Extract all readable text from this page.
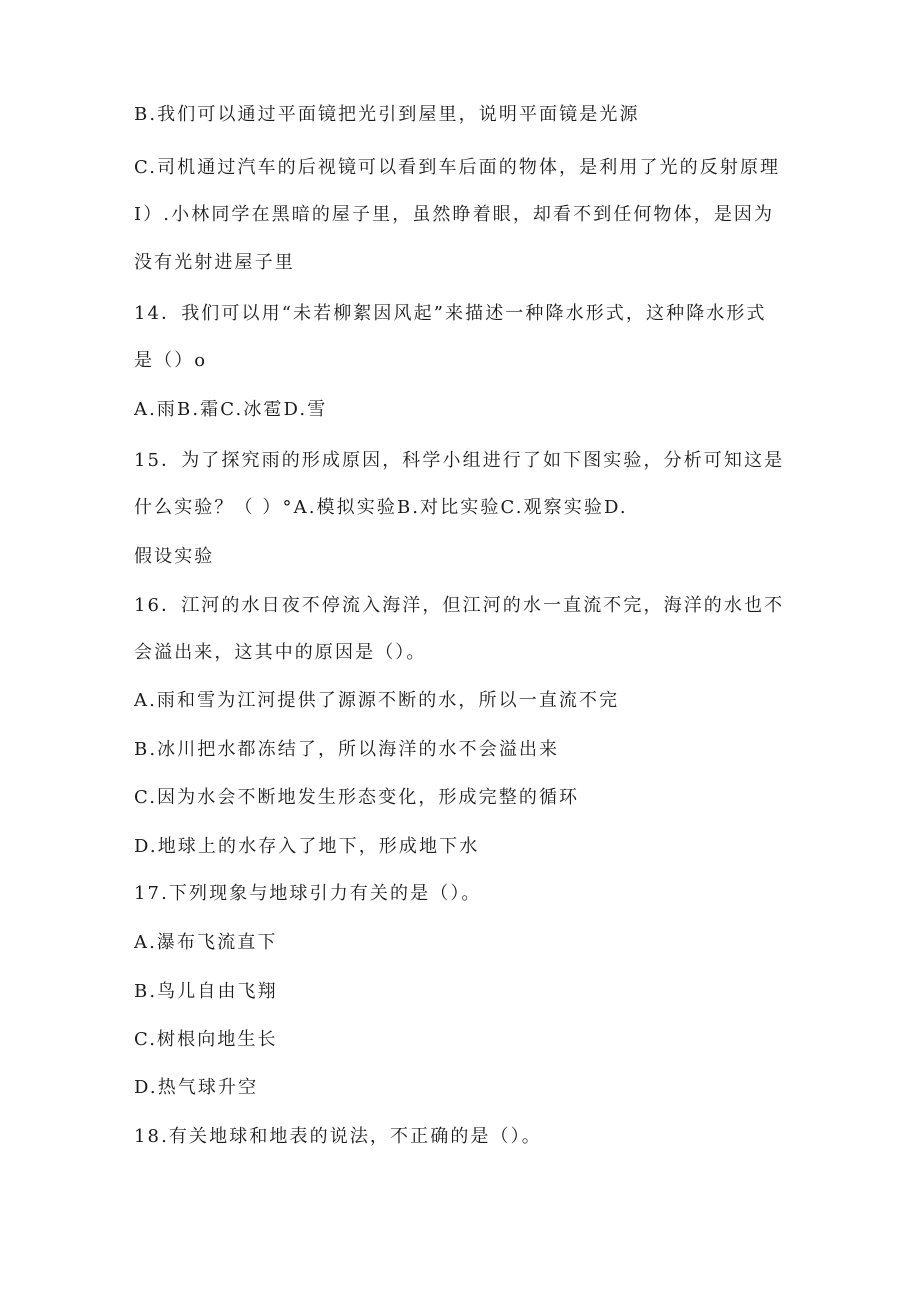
B.我们可以通过平面镜把光引到屋里，说明平面镜是光源
C.司机通过汽车的后视镜可以看到车后面的物体，是利用了光的反射原理
I）.小林同学在黑暗的屋子里，虽然睁着眼，却看不到任何物体，是因为
没有光射进屋子里
14．我们可以用“未若柳絮因风起”来描述一种降水形式，这种降水形式
是（）o
A.雨B.霜C.冰雹D.雪
15．为了探究雨的形成原因，科学小组进行了如下图实验，分析可知这是
什么实验？（ ）°A.模拟实验B.对比实验C.观察实验D.
假设实验
16．江河的水日夜不停流入海洋，但江河的水一直流不完，海洋的水也不
会溢出来，这其中的原因是（）。
A.雨和雪为江河提供了源源不断的水，所以一直流不完
B.冰川把水都冻结了，所以海洋的水不会溢出来
C.因为水会不断地发生形态变化，形成完整的循环
D.地球上的水存入了地下，形成地下水
17.下列现象与地球引力有关的是（）。
A.瀑布飞流直下
B.鸟儿自由飞翔
C.树根向地生长
D.热气球升空
18.有关地球和地表的说法，不正确的是（）。
